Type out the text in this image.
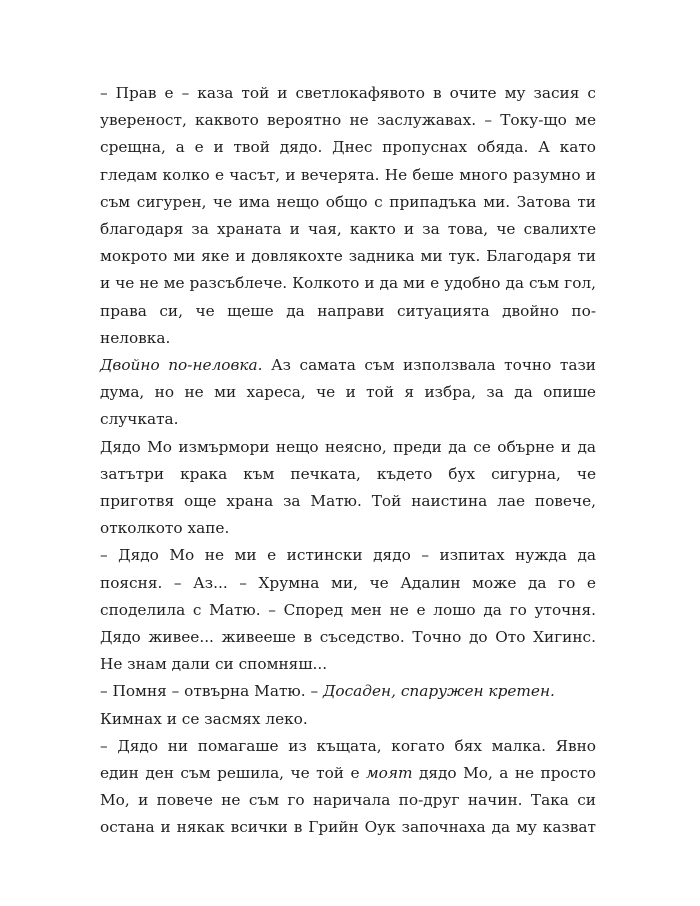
– Прав е – каза той и светлокафявото в очите му засия с увереност, каквото вероятно не заслужавах. – Току-що ме срещна, а е и твой дядо. Днес пропуснах обяда. А като гледам колко е часът, и вечерята. Не беше много разумно и съм сигурен, че има нещо общо с припадъка ми. Затова ти благодаря за храната и чая, както и за това, че свалихте мокрото ми яке и довлякохте задника ми тук. Благодаря ти и че не ме разсъблече. Колкото и да ми е удобно да съм гол, права си, че щеше да направи ситуацията двойно по-неловка.

Двойно по-неловка. Аз самата съм използвала точно тази дума, но не ми хареса, че и той я избра, за да опише случката.

Дядо Мо измърмори нещо неясно, преди да се обърне и да затътри крака към печката, където бух сигурна, че приготвя още храна за Матю. Той наистина лае повече, отколкото хапе.

– Дядо Мо не ми е истински дядо – изпитах нужда да поясня. – Аз... – Хрумна ми, че Адалин може да го е споделила с Матю. – Според мен не е лошо да го уточня. Дядо живее... живееше в съседство. Точно до Ото Хигинс. Не знам дали си спомняш...

– Помня – отвърна Матю. – Досаден, спаружен кретен.

Кимнах и се засмях леко.

– Дядо ни помагаше из къщата, когато бях малка. Явно един ден съм решила, че той е моят дядо Мо, а не просто Мо, и повече не съм го наричала по-друг начин. Така си остана и някак всички в Грийн Оук започнаха да му казват
